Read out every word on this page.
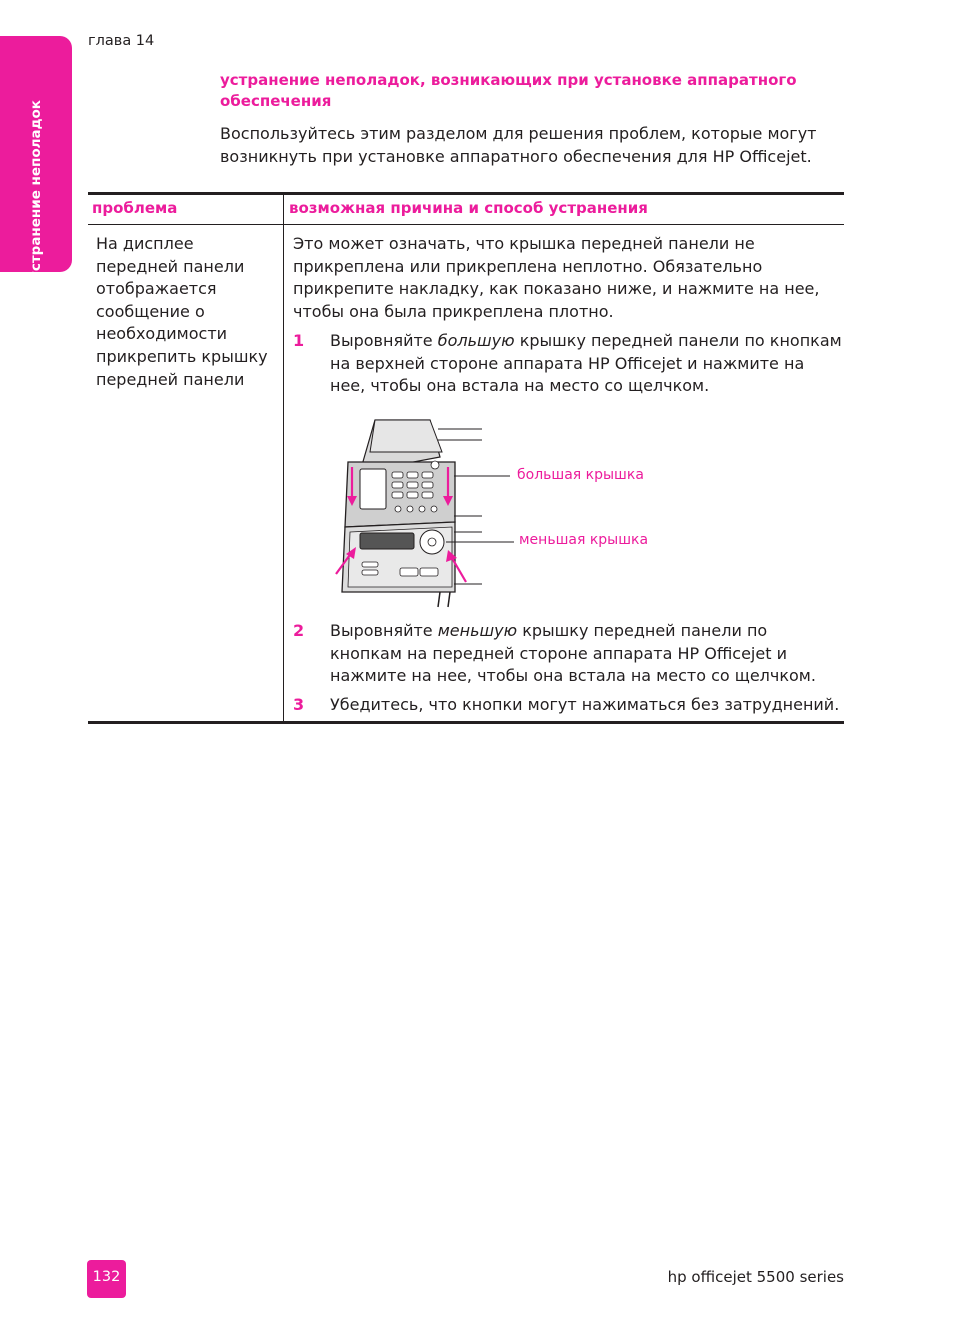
устранение неполадок
глава 14
устранение неполадок, возникающих при установке аппаратного обеспечения
Воспользуйтесь этим разделом для решения проблем, которые могут возникнуть при установке аппаратного обеспечения для HP Officejet.
проблема	возможная причина и способ устранения
На дисплее передней панели отображается сообщение о необходимости прикрепить крышку передней панели
Это может означать, что крышка передней панели не прикреплена или прикреплена неплотно. Обязательно прикрепите накладку, как показано ниже, и нажмите на нее, чтобы она была прикреплена плотно.
1 Выровняйте большую крышку передней панели по кнопкам на верхней стороне аппарата HP Officejet и нажмите на нее, чтобы она встала на место со щелчком.
большая крышка
меньшая крышка
2 Выровняйте меньшую крышку передней панели по кнопкам на передней стороне аппарата HP Officejet и нажмите на нее, чтобы она встала на место со щелчком.
3 Убедитесь, что кнопки могут нажиматься без затруднений.
132	hp officejet 5500 series
